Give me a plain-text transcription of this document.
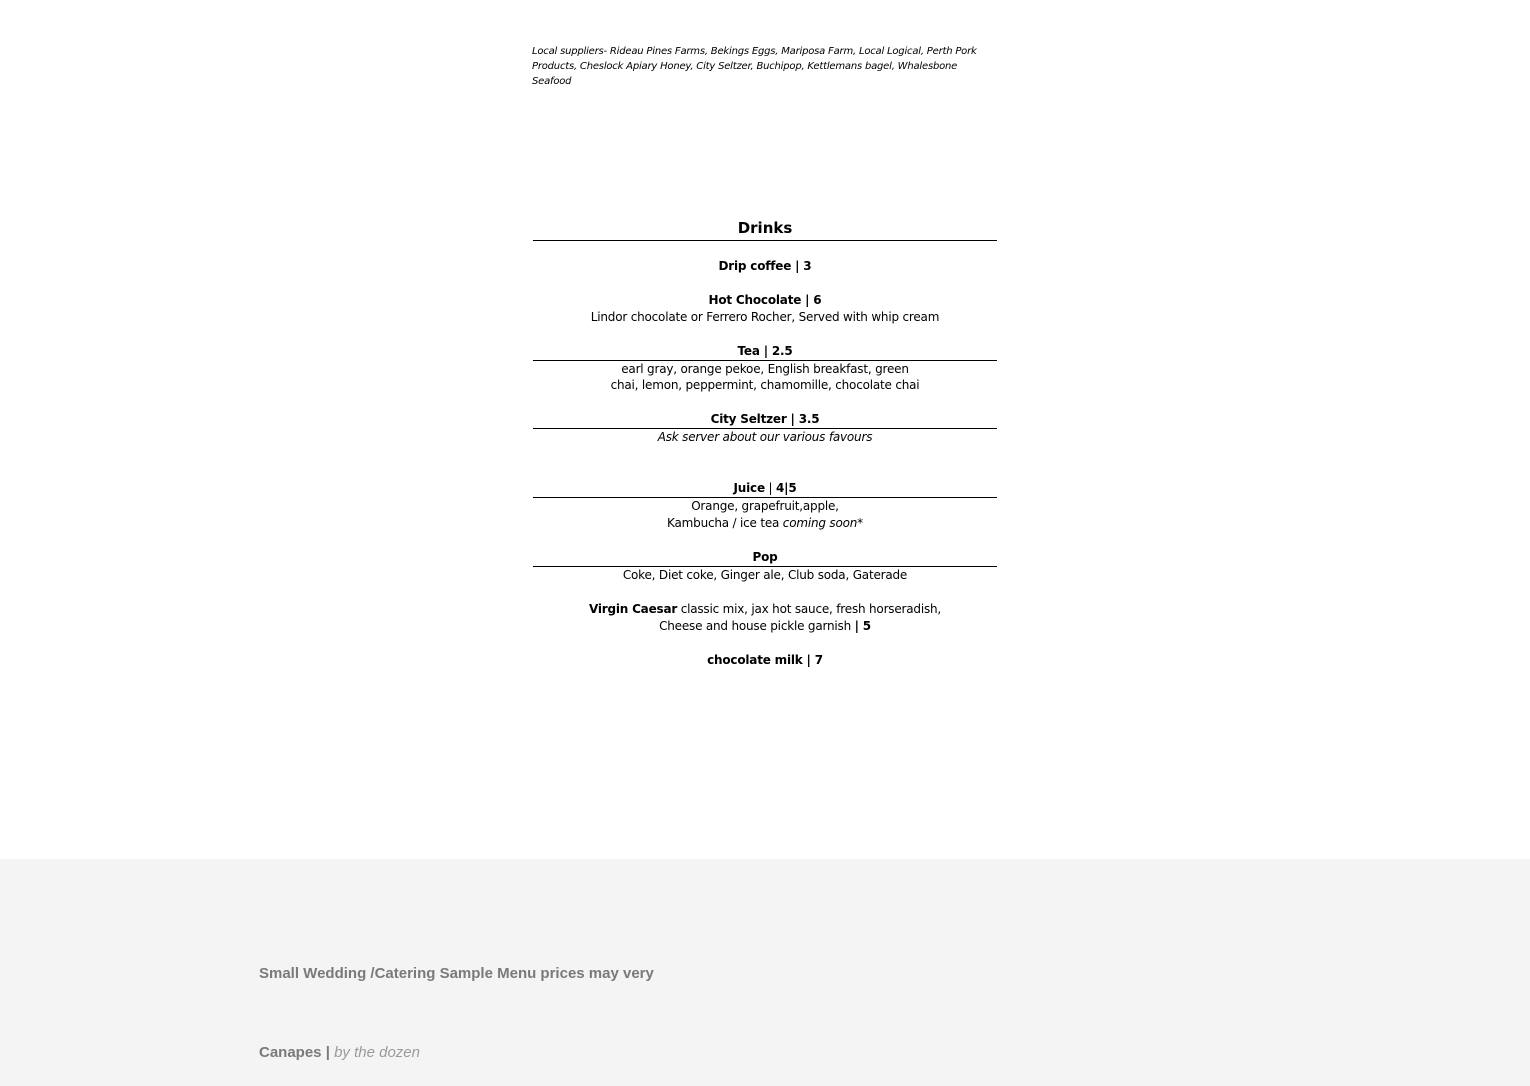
Local suppliers- Rideau Pines Farms, Bekings Eggs, Mariposa Farm, Local Logical, Perth Pork
Products, Cheslock Apiary Honey, City Seltzer, Buchipop, Kettlemans bagel, Whalesbone Seafood
Drinks
Drip coffee | 3
Hot Chocolate | 6
Lindor chocolate or Ferrero Rocher, Served with whip cream
Tea | 2.5
earl gray, orange pekoe, English breakfast, green
chai, lemon, peppermint, chamomille, chocolate chai
City Seltzer | 3.5
Ask server about our various favours
Juice | 4|5
Orange, grapefruit,apple,
Kambucha / ice tea coming soon*
Pop
Coke, Diet coke, Ginger ale, Club soda, Gaterade
Virgin Caesar classic mix, jax hot sauce, fresh horseradish,
Cheese and house pickle garnish | 5
chocolate milk | 7
Small Wedding /Catering Sample Menu prices may very
Canapes | by the dozen
